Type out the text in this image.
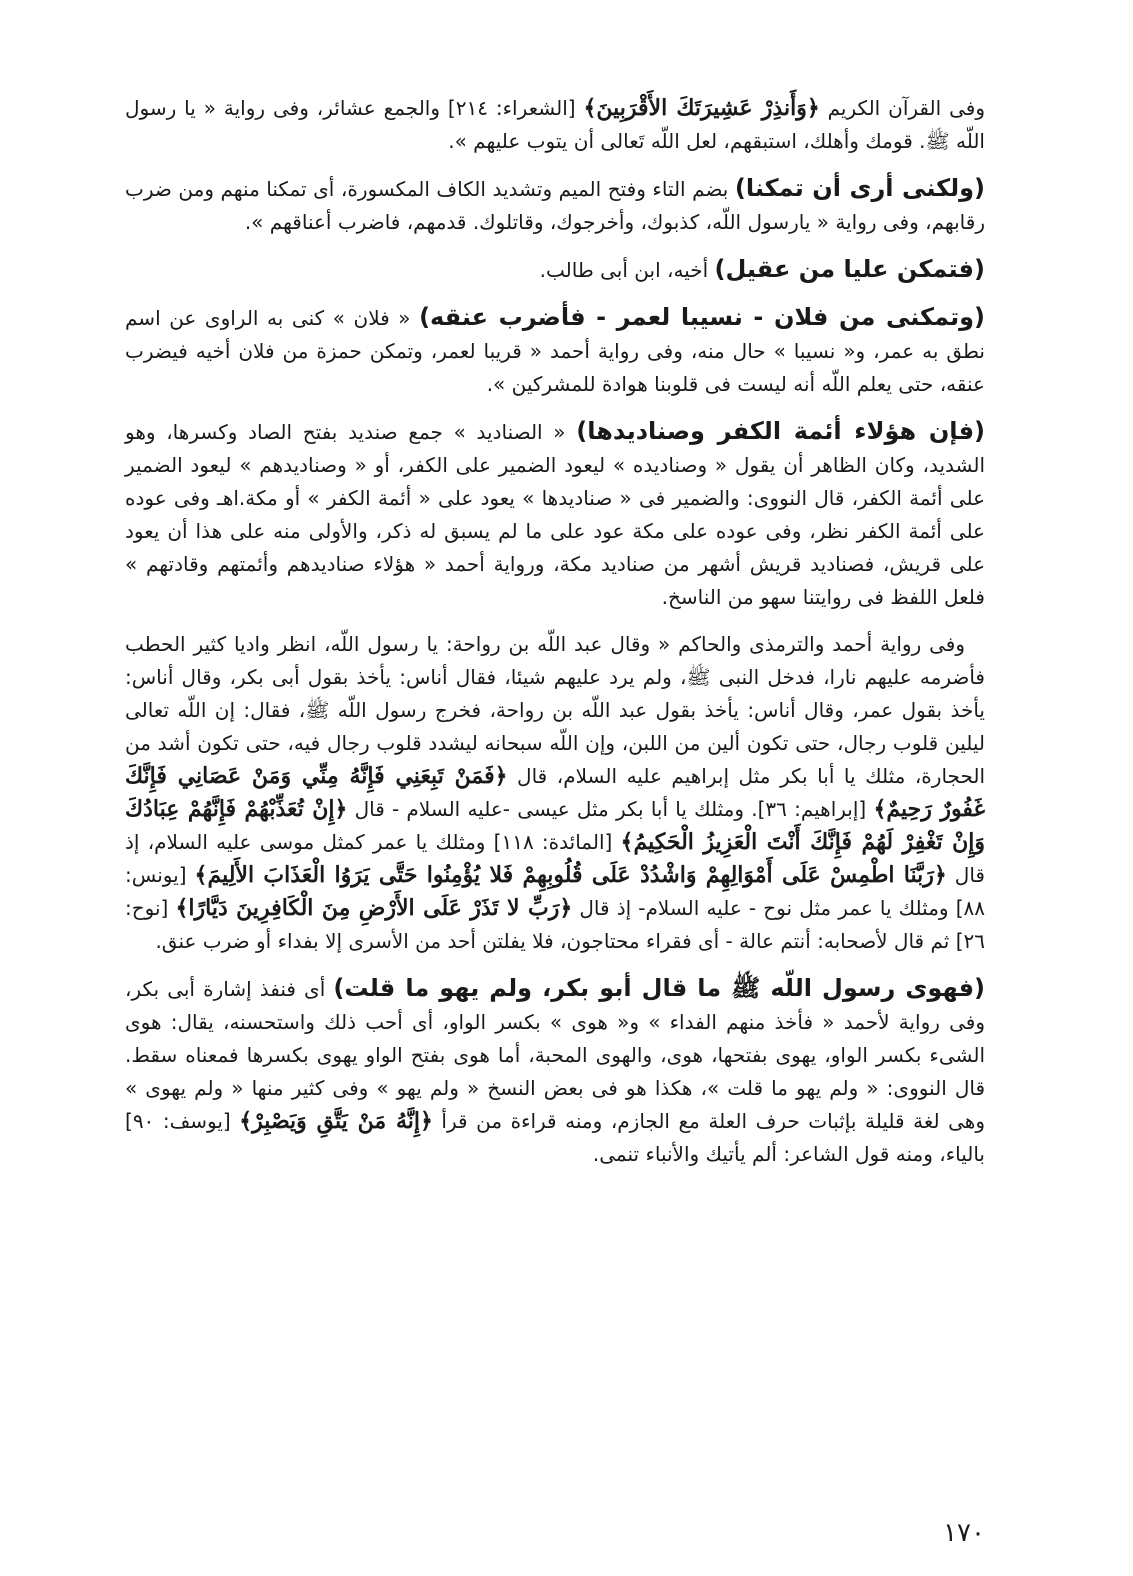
وفى القرآن الكريم ﴿وَأَنذِرْ عَشِيرَتَكَ الأَقْرَبِينَ﴾ [الشعراء: ٢١٤] والجمع عشائر، وفى رواية « يا رسول اللّه ﷺ. قومك وأهلك، استبقهم، لعل اللّه تَعالى أن يتوب عليهم ».

(ولكنى أرى أن تمكنا) بضم التاء وفتح الميم وتشديد الكاف المكسورة، أى تمكنا منهم ومن ضرب رقابهم، وفى رواية « يارسول اللّه، كذبوك، وأخرجوك، وقاتلوك. قدمهم، فاضرب أعناقهم ».

(فتمكن عليا من عقيل) أخيه، ابن أبى طالب.

(وتمكنى من فلان - نسيبا لعمر - فأضرب عنقه) « فلان » كنى به الراوى عن اسم نطق به عمر، و« نسيبا » حال منه، وفى رواية أحمد « قريبا لعمر، وتمكن حمزة من فلان أخيه فيضرب عنقه، حتى يعلم اللّه أنه ليست فى قلوبنا هوادة للمشركين ».

(فإن هؤلاء أئمة الكفر وصناديدها) « الصناديد » جمع صنديد بفتح الصاد وكسرها، وهو الشديد، وكان الظاهر أن يقول « وصناديده » ليعود الضمير على الكفر، أو « وصناديدهم » ليعود الضمير على أئمة الكفر، قال النووى: والضمير فى « صناديدها » يعود على « أئمة الكفر » أو مكة.اهـ وفى عوده على أئمة الكفر نظر، وفى عوده على مكة عود على ما لم يسبق له ذكر، والأولى منه على هذا أن يعود على قريش، فصناديد قريش أشهر من صناديد مكة، ورواية أحمد « هؤلاء صناديدهم وأئمتهم وقادتهم » فلعل اللفظ فى روايتنا سهو من الناسخ.

وفى رواية أحمد والترمذى والحاكم « وقال عبد اللّه بن رواحة: يا رسول اللّه، انظر واديا كثير الحطب فأضرمه عليهم نارا، فدخل النبى ﷺ، ولم يرد عليهم شيئا، فقال أناس: يأخذ بقول أبى بكر، وقال أناس: يأخذ بقول عمر، وقال أناس: يأخذ بقول عبد اللّه بن رواحة، فخرج رسول اللّه ﷺ، فقال: إن اللّه تعالى ليلين قلوب رجال، حتى تكون ألين من اللبن، وإن اللّه سبحانه ليشدد قلوب رجال فيه، حتى تكون أشد من الحجارة، مثلك يا أبا بكر مثل إبراهيم عليه السلام، قال ﴿فَمَنْ تَبِعَنِي فَإِنَّهُ مِنِّي وَمَنْ عَصَانِي فَإِنَّكَ غَفُورٌ رَحِيمٌ﴾ [إبراهيم: ٣٦]. ومثلك يا أبا بكر مثل عيسى -عليه السلام - قال ﴿إِنْ تُعَذِّبْهُمْ فَإِنَّهُمْ عِبَادُكَ وَإِنْ تَغْفِرْ لَهُمْ فَإِنَّكَ أَنْتَ الْعَزِيزُ الْحَكِيمُ﴾ [المائدة: ١١٨] ومثلك يا عمر كمثل موسى عليه السلام، إذ قال ﴿رَبَّنَا اطْمِسْ عَلَى أَمْوَالِهِمْ وَاشْدُدْ عَلَى قُلُوبِهِمْ فَلا يُؤْمِنُوا حَتَّى يَرَوُا الْعَذَابَ الأَلِيمَ﴾ [يونس: ٨٨] ومثلك يا عمر مثل نوح - عليه السلام- إذ قال ﴿رَبِّ لا تَذَرْ عَلَى الأَرْضِ مِنَ الْكَافِرِينَ دَيَّارًا﴾ [نوح: ٢٦] ثم قال لأصحابه: أنتم عالة - أى فقراء محتاجون، فلا يفلتن أحد من الأسرى إلا بفداء أو ضرب عنق.

(فهوى رسول اللّه ﷺ ما قال أبو بكر، ولم يهو ما قلت) أى فنفذ إشارة أبى بكر، وفى رواية لأحمد « فأخذ منهم الفداء » و« هوى » بكسر الواو، أى أحب ذلك واستحسنه، يقال: هوى الشىء بكسر الواو، يهوى بفتحها، هوى، والهوى المحبة، أما هوى بفتح الواو يهوى بكسرها فمعناه سقط. قال النووى: « ولم يهو ما قلت »، هكذا هو فى بعض النسخ « ولم يهو » وفى كثير منها « ولم يهوى » وهى لغة قليلة بإثبات حرف العلة مع الجازم، ومنه قراءة من قرأ ﴿إِنَّهُ مَنْ يَتَّقِ وَيَصْبِرْ﴾ [يوسف: ٩٠] بالياء، ومنه قول الشاعر: ألم يأتيك والأنباء تنمى.

١٧٠
